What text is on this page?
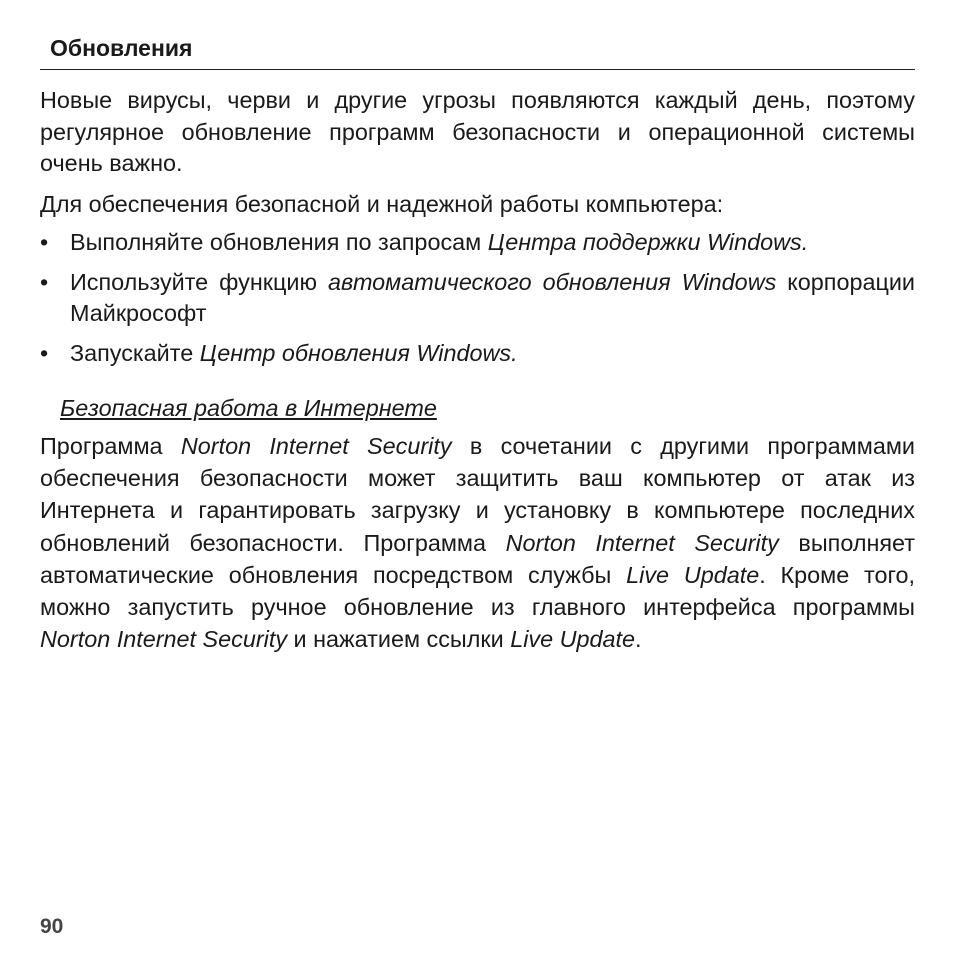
Обновления

Новые вирусы, черви и другие угрозы появляются каждый день, поэтому регулярное обновление программ безопасности и операционной системы очень важно.

Для обеспечения безопасной и надежной работы компьютера:

• Выполняйте обновления по запросам Центра поддержки Windows.
• Используйте функцию автоматического обновления Windows корпорации Майкрософт
• Запускайте Центр обновления Windows.
Безопасная работа в Интернете

Программа Norton Internet Security в сочетании с другими программами обеспечения безопасности может защитить ваш компьютер от атак из Интернета и гарантировать загрузку и установку в компьютере последних обновлений безопасности. Программа Norton Internet Security выполняет автоматические обновления посредством службы Live Update. Кроме того, можно запустить ручное обновление из главного интерфейса программы Norton Internet Security и нажатием ссылки Live Update.

90
